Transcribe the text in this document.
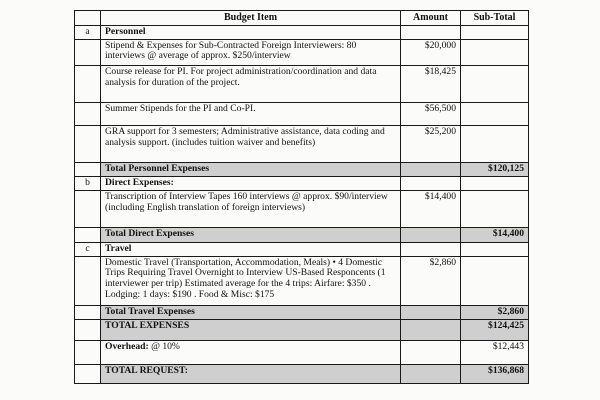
	Budget Item	Amount	Sub-Total
a	Personnel		
	Stipend & Expenses for Sub-Contracted Foreign Interviewers: 80 interviews @ average of approx. $250/interview	$20,000	
	Course release for PI. For project administration/coordination and data analysis for duration of the project.	$18,425	
	Summer Stipends for the PI and Co-PI.	$56,500	
	GRA support for 3 semesters; Administrative assistance, data coding and analysis support. (includes tuition waiver and benefits)	$25,200	
	Total Personnel Expenses		$120,125
b	Direct Expenses:		
	Transcription of Interview Tapes 160 interviews @ approx. $90/interview (including English translation of foreign interviews)	$14,400	
	Total Direct Expenses		$14,400
c	Travel		
	Domestic Travel (Transportation, Accommodation, Meals) • 4 Domestic Trips Requiring Travel Overnight to Interview US-Based Responcents (1 interviewer per trip) Estimated average for the 4 trips: Airfare: $350 . Lodging: 1 days: $190 . Food & Misc: $175	$2,860	
	Total Travel Expenses		$2,860
	TOTAL EXPENSES		$124,425
	Overhead: @ 10%		$12,443
	TOTAL REQUEST:		$136,868
